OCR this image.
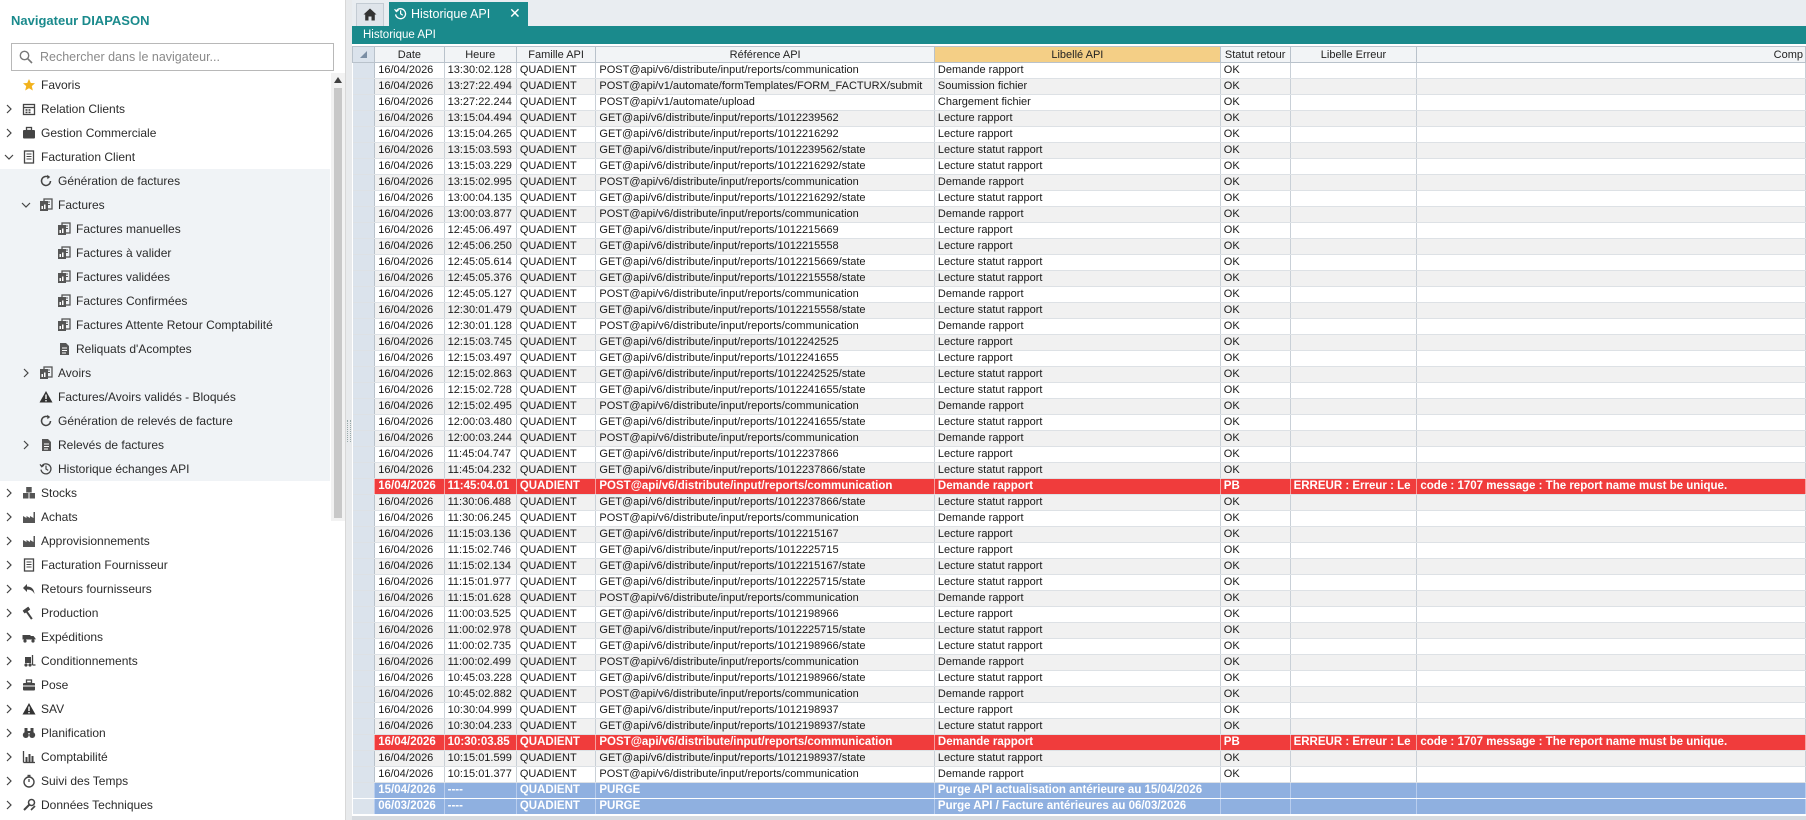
Navigateur DIAPASON
Rechercher dans le navigateur...
Favoris
Relation Clients
Gestion Commerciale
Facturation Client
Génération de factures
Factures
Factures manuelles
Factures à valider
Factures validées
Factures Confirmées
Factures Attente Retour Comptabilité
Reliquats d'Acomptes
Avoirs
Factures/Avoirs validés - Bloqués
Génération de relevés de facture
Relevés de factures
Historique échanges API
Stocks
Achats
Approvisionnements
Facturation Fournisseur
Retours fournisseurs
Production
Expéditions
Conditionnements
Pose
SAV
Planification
Comptabilité
Suivi des Temps
Données Techniques
Historique API ✕
Historique API
	Date	Heure	Famille API	Référence API	Libellé API	Statut retour	Libelle Erreur	Comp
	16/04/2026	13:30:02.128	QUADIENT	POST@api/v6/distribute/input/reports/communication	Demande rapport	OK		
	16/04/2026	13:27:22.494	QUADIENT	POST@api/v1/automate/formTemplates/FORM_FACTURX/submit	Soumission fichier	OK		
	16/04/2026	13:27:22.244	QUADIENT	POST@api/v1/automate/upload	Chargement fichier	OK		
	16/04/2026	13:15:04.494	QUADIENT	GET@api/v6/distribute/input/reports/1012239562	Lecture rapport	OK		
	16/04/2026	13:15:04.265	QUADIENT	GET@api/v6/distribute/input/reports/1012216292	Lecture rapport	OK		
	16/04/2026	13:15:03.593	QUADIENT	GET@api/v6/distribute/input/reports/1012239562/state	Lecture statut rapport	OK		
	16/04/2026	13:15:03.229	QUADIENT	GET@api/v6/distribute/input/reports/1012216292/state	Lecture statut rapport	OK		
	16/04/2026	13:15:02.995	QUADIENT	POST@api/v6/distribute/input/reports/communication	Demande rapport	OK		
	16/04/2026	13:00:04.135	QUADIENT	GET@api/v6/distribute/input/reports/1012216292/state	Lecture statut rapport	OK		
	16/04/2026	13:00:03.877	QUADIENT	POST@api/v6/distribute/input/reports/communication	Demande rapport	OK		
	16/04/2026	12:45:06.497	QUADIENT	GET@api/v6/distribute/input/reports/1012215669	Lecture rapport	OK		
	16/04/2026	12:45:06.250	QUADIENT	GET@api/v6/distribute/input/reports/1012215558	Lecture rapport	OK		
	16/04/2026	12:45:05.614	QUADIENT	GET@api/v6/distribute/input/reports/1012215669/state	Lecture statut rapport	OK		
	16/04/2026	12:45:05.376	QUADIENT	GET@api/v6/distribute/input/reports/1012215558/state	Lecture statut rapport	OK		
	16/04/2026	12:45:05.127	QUADIENT	POST@api/v6/distribute/input/reports/communication	Demande rapport	OK		
	16/04/2026	12:30:01.479	QUADIENT	GET@api/v6/distribute/input/reports/1012215558/state	Lecture statut rapport	OK		
	16/04/2026	12:30:01.128	QUADIENT	POST@api/v6/distribute/input/reports/communication	Demande rapport	OK		
	16/04/2026	12:15:03.745	QUADIENT	GET@api/v6/distribute/input/reports/1012242525	Lecture rapport	OK		
	16/04/2026	12:15:03.497	QUADIENT	GET@api/v6/distribute/input/reports/1012241655	Lecture rapport	OK		
	16/04/2026	12:15:02.863	QUADIENT	GET@api/v6/distribute/input/reports/1012242525/state	Lecture statut rapport	OK		
	16/04/2026	12:15:02.728	QUADIENT	GET@api/v6/distribute/input/reports/1012241655/state	Lecture statut rapport	OK		
	16/04/2026	12:15:02.495	QUADIENT	POST@api/v6/distribute/input/reports/communication	Demande rapport	OK		
	16/04/2026	12:00:03.480	QUADIENT	GET@api/v6/distribute/input/reports/1012241655/state	Lecture statut rapport	OK		
	16/04/2026	12:00:03.244	QUADIENT	POST@api/v6/distribute/input/reports/communication	Demande rapport	OK		
	16/04/2026	11:45:04.747	QUADIENT	GET@api/v6/distribute/input/reports/1012237866	Lecture rapport	OK		
	16/04/2026	11:45:04.232	QUADIENT	GET@api/v6/distribute/input/reports/1012237866/state	Lecture statut rapport	OK		
	16/04/2026	11:45:04.01	QUADIENT	POST@api/v6/distribute/input/reports/communication	Demande rapport	PB	ERREUR : Erreur : Le	code : 1707 message : The report name must be unique.
	16/04/2026	11:30:06.488	QUADIENT	GET@api/v6/distribute/input/reports/1012237866/state	Lecture statut rapport	OK		
	16/04/2026	11:30:06.245	QUADIENT	POST@api/v6/distribute/input/reports/communication	Demande rapport	OK		
	16/04/2026	11:15:03.136	QUADIENT	GET@api/v6/distribute/input/reports/1012215167	Lecture rapport	OK		
	16/04/2026	11:15:02.746	QUADIENT	GET@api/v6/distribute/input/reports/1012225715	Lecture rapport	OK		
	16/04/2026	11:15:02.134	QUADIENT	GET@api/v6/distribute/input/reports/1012215167/state	Lecture statut rapport	OK		
	16/04/2026	11:15:01.977	QUADIENT	GET@api/v6/distribute/input/reports/1012225715/state	Lecture statut rapport	OK		
	16/04/2026	11:15:01.628	QUADIENT	POST@api/v6/distribute/input/reports/communication	Demande rapport	OK		
	16/04/2026	11:00:03.525	QUADIENT	GET@api/v6/distribute/input/reports/1012198966	Lecture rapport	OK		
	16/04/2026	11:00:02.978	QUADIENT	GET@api/v6/distribute/input/reports/1012225715/state	Lecture statut rapport	OK		
	16/04/2026	11:00:02.735	QUADIENT	GET@api/v6/distribute/input/reports/1012198966/state	Lecture statut rapport	OK		
	16/04/2026	11:00:02.499	QUADIENT	POST@api/v6/distribute/input/reports/communication	Demande rapport	OK		
	16/04/2026	10:45:03.228	QUADIENT	GET@api/v6/distribute/input/reports/1012198966/state	Lecture statut rapport	OK		
	16/04/2026	10:45:02.882	QUADIENT	POST@api/v6/distribute/input/reports/communication	Demande rapport	OK		
	16/04/2026	10:30:04.999	QUADIENT	GET@api/v6/distribute/input/reports/1012198937	Lecture rapport	OK		
	16/04/2026	10:30:04.233	QUADIENT	GET@api/v6/distribute/input/reports/1012198937/state	Lecture statut rapport	OK		
	16/04/2026	10:30:03.85	QUADIENT	POST@api/v6/distribute/input/reports/communication	Demande rapport	PB	ERREUR : Erreur : Le	code : 1707 message : The report name must be unique.
	16/04/2026	10:15:01.599	QUADIENT	GET@api/v6/distribute/input/reports/1012198937/state	Lecture statut rapport	OK		
	16/04/2026	10:15:01.377	QUADIENT	POST@api/v6/distribute/input/reports/communication	Demande rapport	OK		
	15/04/2026	----	QUADIENT	PURGE	Purge API actualisation antérieure au 15/04/2026			
	06/03/2026	----	QUADIENT	PURGE	Purge API / Facture antérieures au 06/03/2026			
